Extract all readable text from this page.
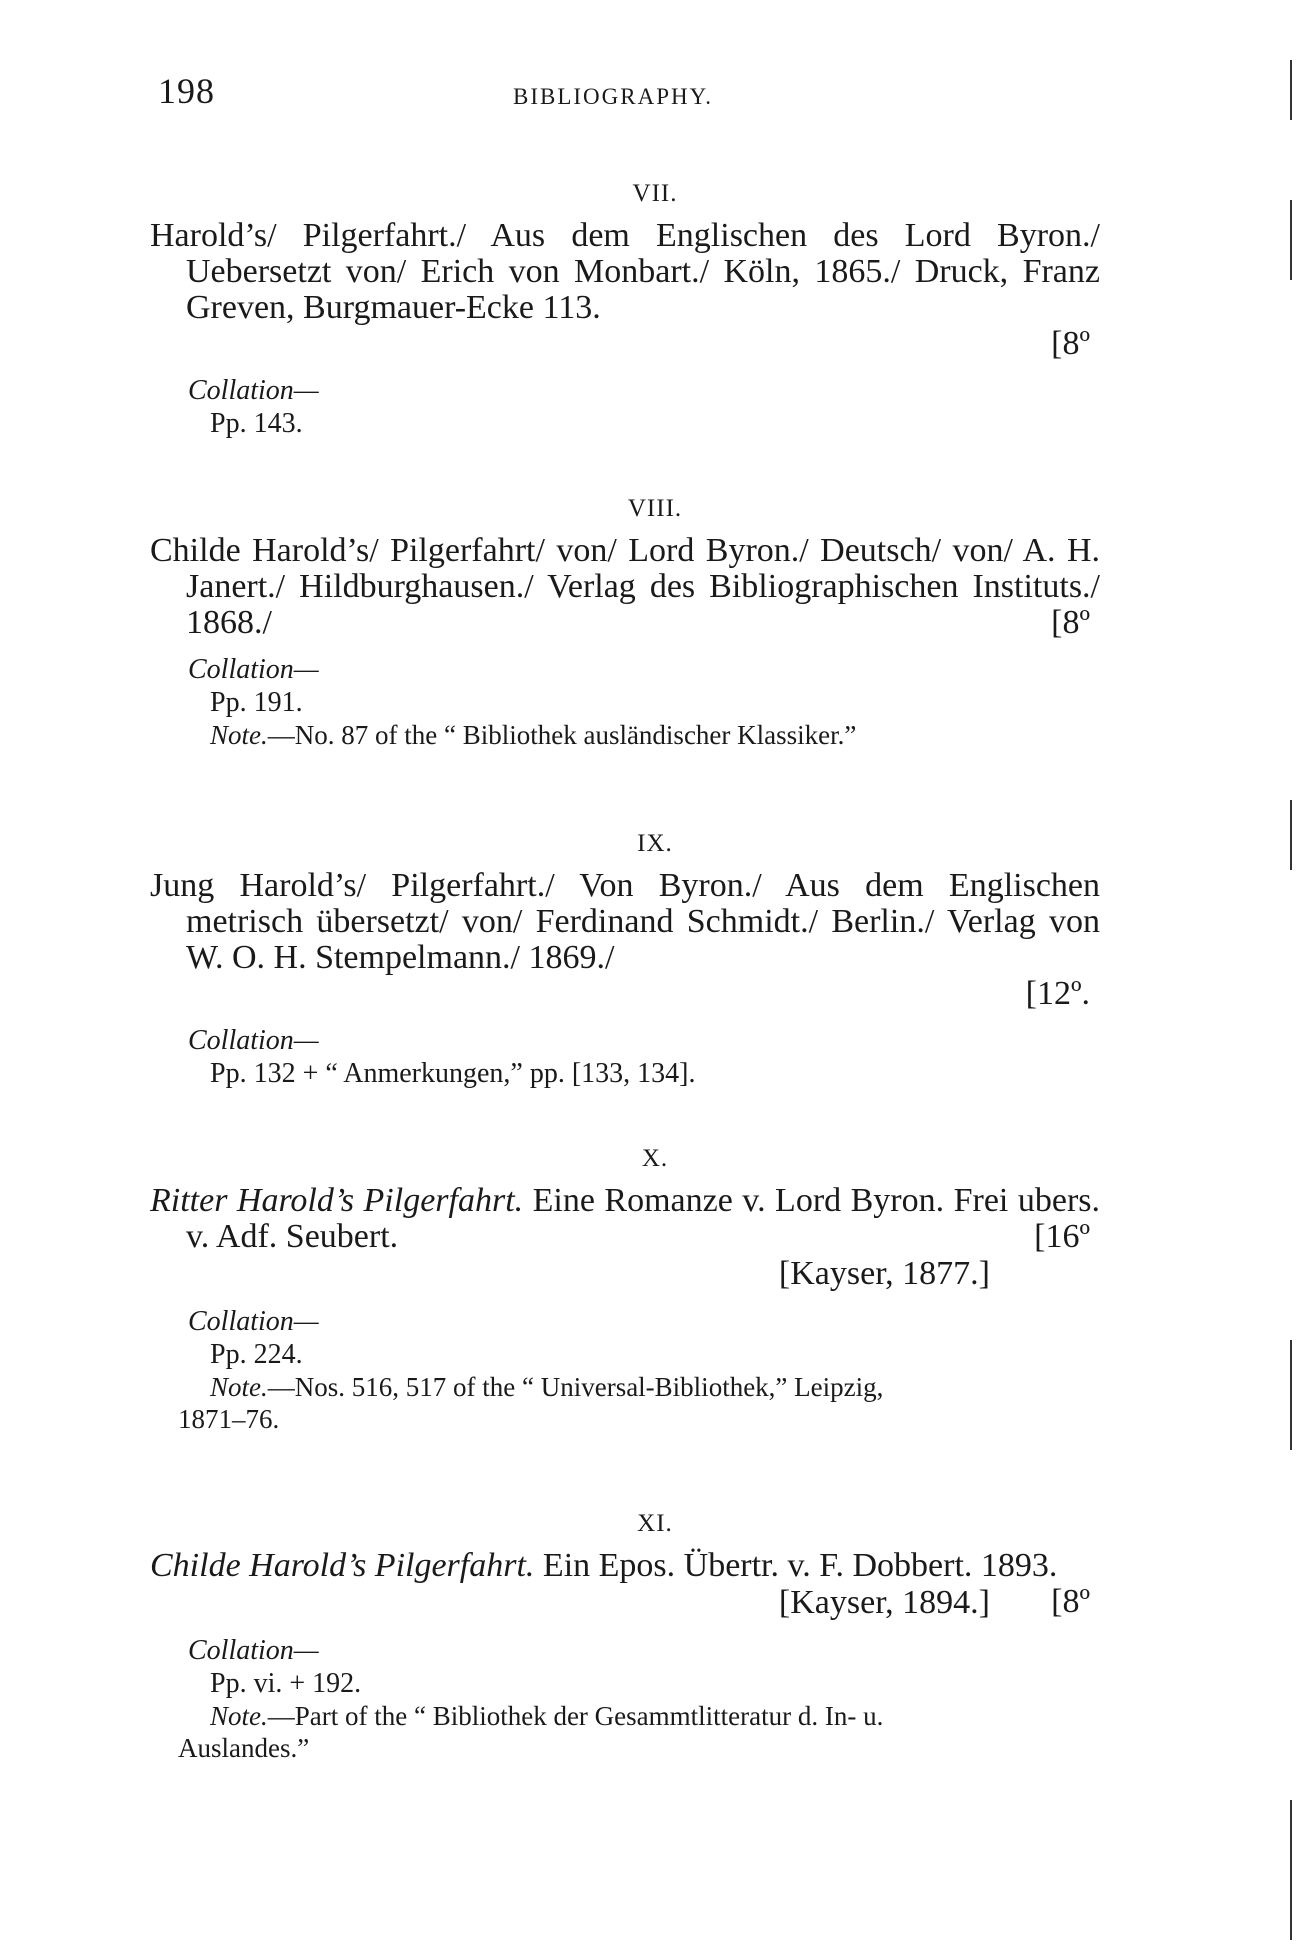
198	BIBLIOGRAPHY.
VII.

Harold’s/ Pilgerfahrt./ Aus dem Englischen des Lord Byron./ Uebersetzt von/ Erich von Monbart./ Köln, 1865./ Druck, Franz Greven, Burgmauer-Ecke 113.

[8º
Collation—
Pp. 143.
VIII.

Childe Harold’s/ Pilgerfahrt/ von/ Lord Byron./ Deutsch/ von/ A. H. Janert./ Hildburghausen./ Verlag des Bibliographischen Instituts./ 1868./	[8º

Collation—
Pp. 191.
Note.—No. 87 of the “ Bibliothek ausländischer Klassiker.”
IX.

Jung Harold’s/ Pilgerfahrt./ Von Byron./ Aus dem Englischen metrisch übersetzt/ von/ Ferdinand Schmidt./ Berlin./ Verlag von W. O. H. Stempelmann./ 1869./

[12º.
Collation—
Pp. 132 + “ Anmerkungen,” pp. [133, 134].
X.

Ritter Harold’s Pilgerfahrt. Eine Romanze v. Lord Byron. Frei ubers. v. Adf. Seubert.	[16º

[Kayser, 1877.]
Collation—
Pp. 224.
Note.—Nos. 516, 517 of the “ Universal-Bibliothek,” Leipzig,
1871–76.
XI.

Childe Harold’s Pilgerfahrt. Ein Epos. Übertr. v. F. Dobbert. 1893.
[8º

[Kayser, 1894.]
Collation—
Pp. vi. + 192.
Note.—Part of the “ Bibliothek der Gesammtlitteratur d. In- u.
Auslandes.”
